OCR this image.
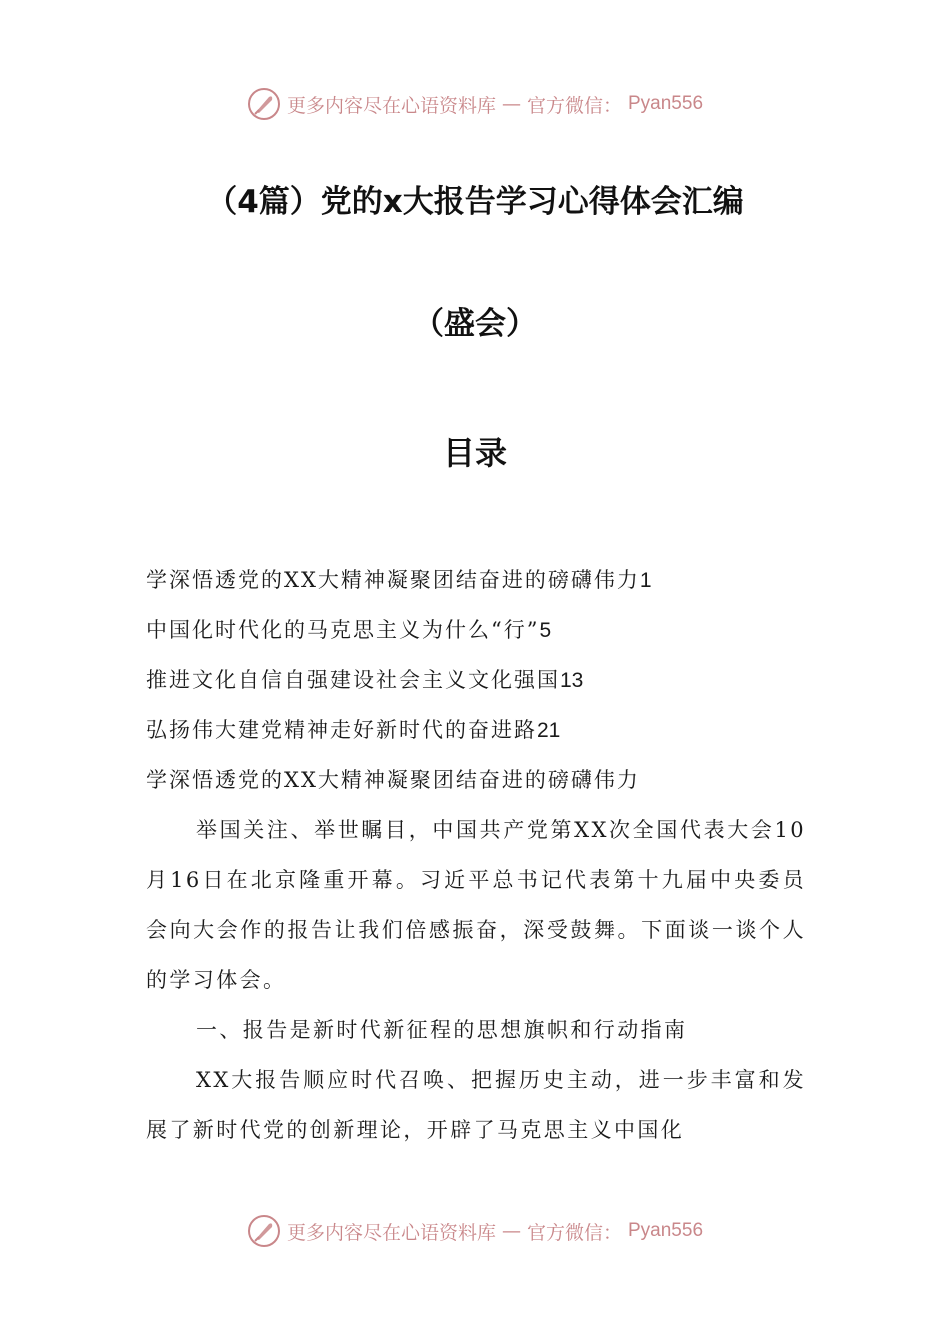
更多内容尽在心语资料库 — 官方微信： Pyan556
（4篇）党的x大报告学习心得体会汇编
（盛会）
目录
学深悟透党的XX大精神凝聚团结奋进的磅礴伟力1
中国化时代化的马克思主义为什么“行”5
推进文化自信自强建设社会主义文化强国13
弘扬伟大建党精神走好新时代的奋进路21
学深悟透党的XX大精神凝聚团结奋进的磅礴伟力

举国关注、举世瞩目，中国共产党第XX次全国代表大会10月16日在北京隆重开幕。习近平总书记代表第十九届中央委员会向大会作的报告让我们倍感振奋，深受鼓舞。下面谈一谈个人的学习体会。

一、报告是新时代新征程的思想旗帜和行动指南

XX大报告顺应时代召唤、把握历史主动，进一步丰富和发展了新时代党的创新理论，开辟了马克思主义中国化

更多内容尽在心语资料库 — 官方微信： Pyan556
